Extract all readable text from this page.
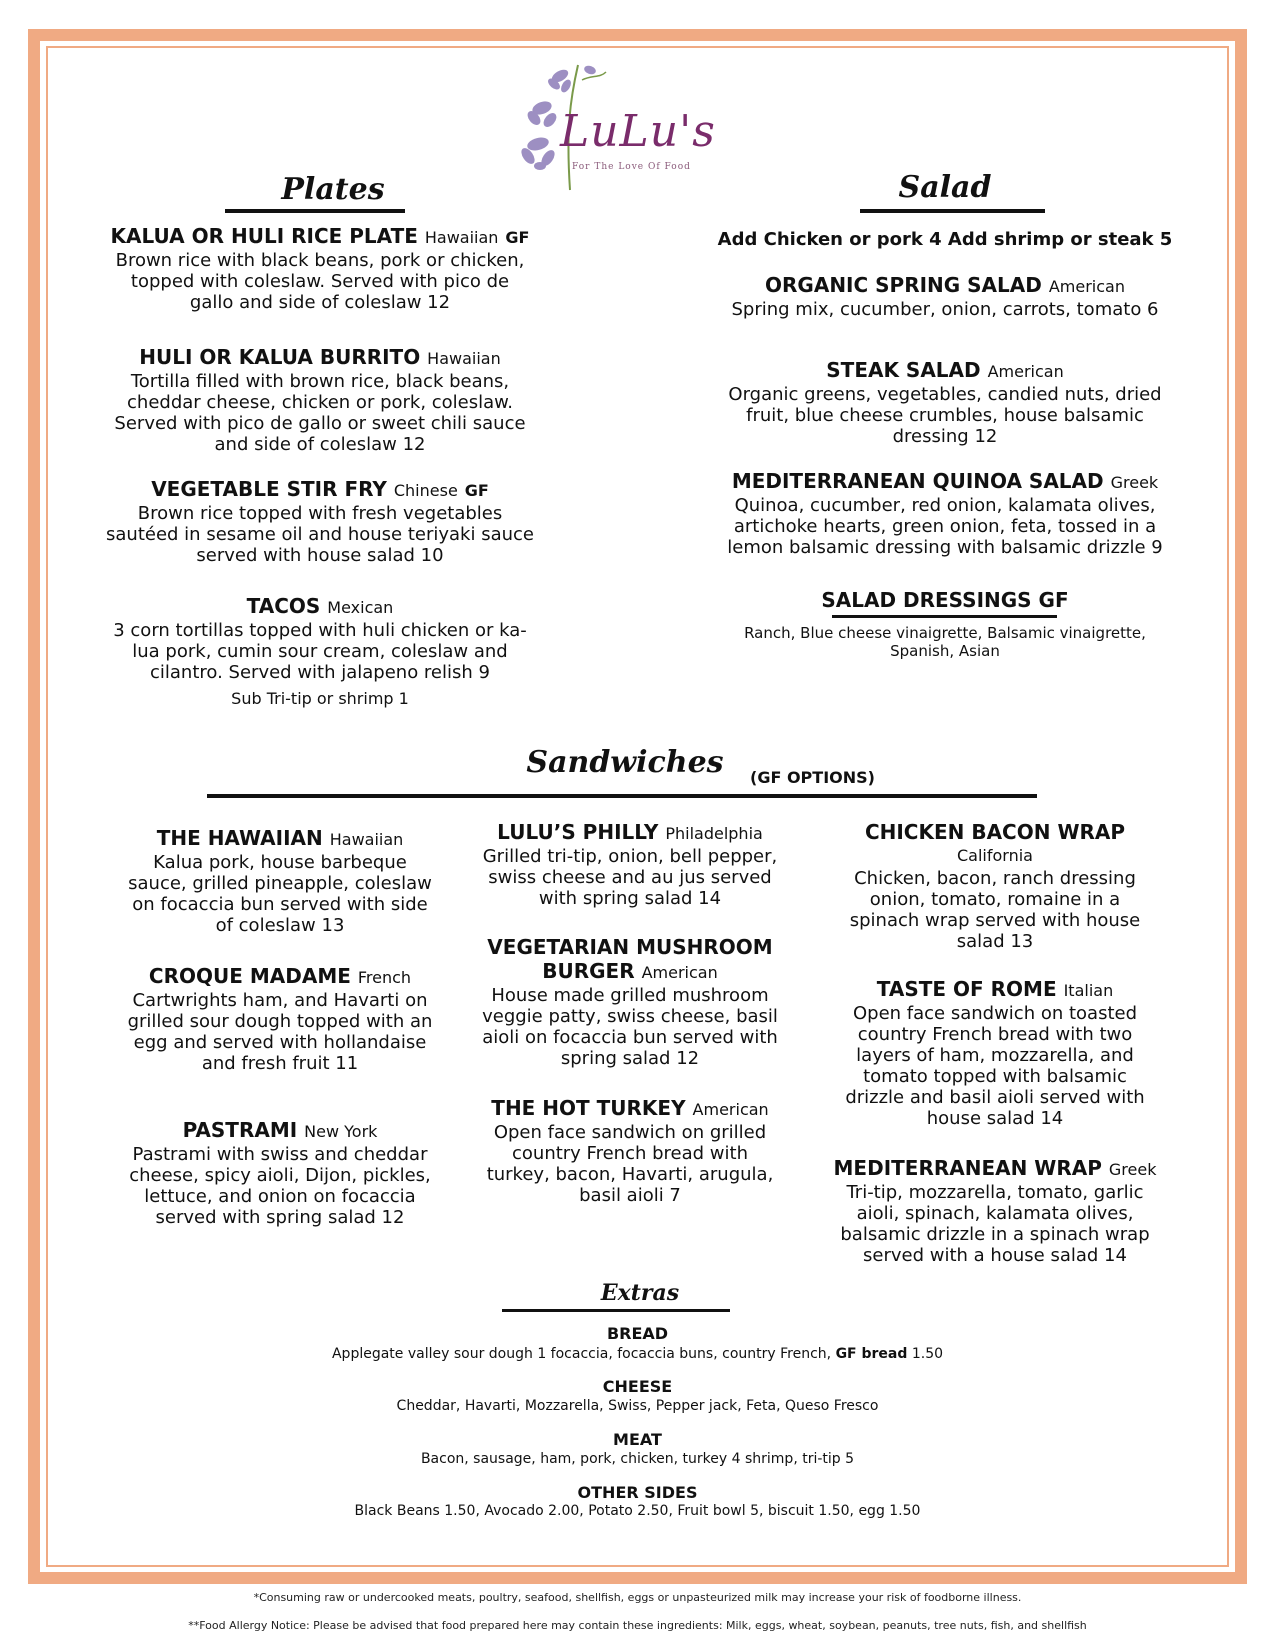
LuLu's
For The Love Of Food
Plates
KALUA OR HULI RICE PLATE Hawaiian GF
Brown rice with black beans, pork or chicken,
topped with coleslaw. Served with pico de
gallo and side of coleslaw 12
HULI OR KALUA BURRITO Hawaiian
Tortilla filled with brown rice, black beans,
cheddar cheese, chicken or pork, coleslaw.
Served with pico de gallo or sweet chili sauce
and side of coleslaw 12
VEGETABLE STIR FRY Chinese GF
Brown rice topped with fresh vegetables
sautéed in sesame oil and house teriyaki sauce
served with house salad 10
TACOS Mexican
3 corn tortillas topped with huli chicken or ka-
lua pork, cumin sour cream, coleslaw and
cilantro. Served with jalapeno relish 9
Sub Tri-tip or shrimp 1
Salad
Add Chicken or pork 4 Add shrimp or steak 5
ORGANIC SPRING SALAD American
Spring mix, cucumber, onion, carrots, tomato 6
STEAK SALAD American
Organic greens, vegetables, candied nuts, dried
fruit, blue cheese crumbles, house balsamic
dressing 12
MEDITERRANEAN QUINOA SALAD Greek
Quinoa, cucumber, red onion, kalamata olives,
artichoke hearts, green onion, feta, tossed in a
lemon balsamic dressing with balsamic drizzle 9
SALAD DRESSINGS GF
Ranch, Blue cheese vinaigrette, Balsamic vinaigrette,
Spanish, Asian
Sandwiches (GF OPTIONS)
THE HAWAIIAN Hawaiian
Kalua pork, house barbeque
sauce, grilled pineapple, coleslaw
on focaccia bun served with side
of coleslaw 13
CROQUE MADAME French
Cartwrights ham, and Havarti on
grilled sour dough topped with an
egg and served with hollandaise
and fresh fruit 11
PASTRAMI New York
Pastrami with swiss and cheddar
cheese, spicy aioli, Dijon, pickles,
lettuce, and onion on focaccia
served with spring salad 12
LULU’S PHILLY Philadelphia
Grilled tri-tip, onion, bell pepper,
swiss cheese and au jus served
with spring salad 14
VEGETARIAN MUSHROOM
BURGER American
House made grilled mushroom
veggie patty, swiss cheese, basil
aioli on focaccia bun served with
spring salad 12
THE HOT TURKEY American
Open face sandwich on grilled
country French bread with
turkey, bacon, Havarti, arugula,
basil aioli 7
CHICKEN BACON WRAP
California
Chicken, bacon, ranch dressing
onion, tomato, romaine in a
spinach wrap served with house
salad 13
TASTE OF ROME Italian
Open face sandwich on toasted
country French bread with two
layers of ham, mozzarella, and
tomato topped with balsamic
drizzle and basil aioli served with
house salad 14
MEDITERRANEAN WRAP Greek
Tri-tip, mozzarella, tomato, garlic
aioli, spinach, kalamata olives,
balsamic drizzle in a spinach wrap
served with a house salad 14
Extras
BREAD
Applegate valley sour dough 1 focaccia, focaccia buns, country French, GF bread 1.50
CHEESE
Cheddar, Havarti, Mozzarella, Swiss, Pepper jack, Feta, Queso Fresco
MEAT
Bacon, sausage, ham, pork, chicken, turkey 4 shrimp, tri-tip 5
OTHER SIDES
Black Beans 1.50, Avocado 2.00, Potato 2.50, Fruit bowl 5, biscuit 1.50, egg 1.50
*Consuming raw or undercooked meats, poultry, seafood, shellfish, eggs or unpasteurized milk may increase your risk of foodborne illness.
**Food Allergy Notice: Please be advised that food prepared here may contain these ingredients: Milk, eggs, wheat, soybean, peanuts, tree nuts, fish, and shellfish
